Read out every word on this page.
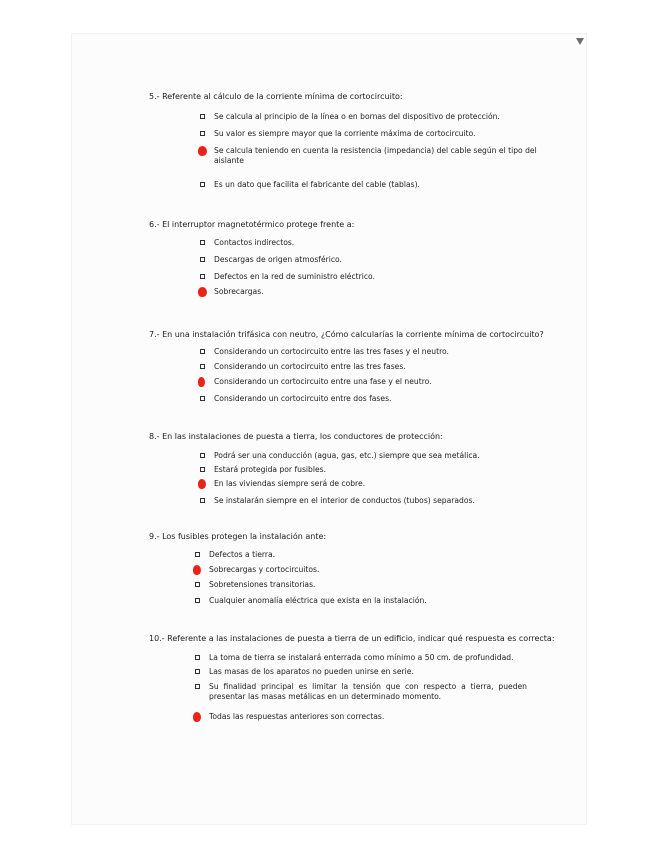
5.- Referente al cálculo de la corriente mínima de cortocircuito:
Se calcula al principio de la línea o en bornas del dispositivo de protección.
Su valor es siempre mayor que la corriente máxima de cortocircuito.
Se calcula teniendo en cuenta la resistencia (impedancia) del cable según el tipo del aislante
Es un dato que facilita el fabricante del cable (tablas).
6.- El interruptor magnetotérmico protege frente a:
Contactos indirectos.
Descargas de origen atmosférico.
Defectos en la red de suministro eléctrico.
Sobrecargas.
7.- En una instalación trifásica con neutro, ¿Cómo calcularías la corriente mínima de cortocircuito?
Considerando un cortocircuito entre las tres fases y el neutro.
Considerando un cortocircuito entre las tres fases.
Considerando un cortocircuito entre una fase y el neutro.
Considerando un cortocircuito entre dos fases.
8.- En las instalaciones de puesta a tierra, los conductores de protección:
Podrá ser una conducción (agua, gas, etc.) siempre que sea metálica.
Estará protegida por fusibles.
En las viviendas siempre será de cobre.
Se instalarán siempre en el interior de conductos (tubos) separados.
9.- Los fusibles protegen la instalación ante:
Defectos a tierra.
Sobrecargas y cortocircuitos.
Sobretensiones transitorias.
Cualquier anomalía eléctrica que exista en la instalación.
10.- Referente a las instalaciones de puesta a tierra de un edificio, indicar qué respuesta es correcta:
La toma de tierra se instalará enterrada como mínimo a 50 cm. de profundidad.
Las masas de los aparatos no pueden unirse en serie.
Su finalidad principal es limitar la tensión que con respecto a tierra, pueden presentar las masas metálicas en un determinado momento.
Todas las respuestas anteriores son correctas.
